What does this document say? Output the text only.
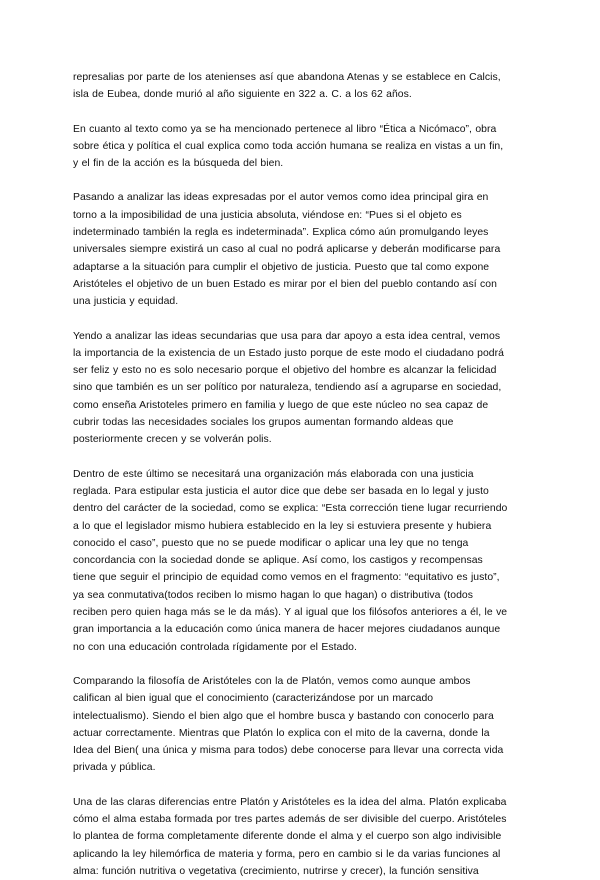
represalias por parte de los atenienses así que abandona Atenas y se establece en Calcis,
isla de Eubea, donde murió al año siguiente en 322 a. C. a los 62 años.

En cuanto al texto como ya se ha mencionado pertenece al libro “Ética a Nicómaco”, obra
sobre ética y política el cual explica como toda acción humana se realiza en vistas a un fin,
y el fin de la acción es la búsqueda del bien.

Pasando a analizar las ideas expresadas por el autor vemos como idea principal gira en
torno a la imposibilidad de una justicia absoluta, viéndose en: “Pues si el objeto es
indeterminado también la regla es indeterminada”. Explica cómo aún promulgando leyes
universales siempre existirá un caso al cual no podrá aplicarse y deberán modificarse para
adaptarse a la situación para cumplir el objetivo de justicia. Puesto que tal como expone
Aristóteles el objetivo de un buen Estado es mirar por el bien del pueblo contando así con
una justicia y equidad.

Yendo a analizar las ideas secundarias que usa para dar apoyo a esta idea central, vemos
la importancia de la existencia de un Estado justo porque de este modo el ciudadano podrá
ser feliz y esto no es solo necesario porque el objetivo del hombre es alcanzar la felicidad
sino que también es un ser político por naturaleza, tendiendo así a agruparse en sociedad,
como enseña Aristoteles primero en familia y luego de que este núcleo no sea capaz de
cubrir todas las necesidades sociales los grupos aumentan formando aldeas que
posteriormente crecen y se volverán polis.

Dentro de este último se necesitará una organización más elaborada con una justicia
reglada. Para estipular esta justicia el autor dice que debe ser basada en lo legal y justo
dentro del carácter de la sociedad, como se explica: “Esta corrección tiene lugar recurriendo
a lo que el legislador mismo hubiera establecido en la ley si estuviera presente y hubiera
conocido el caso”, puesto que no se puede modificar o aplicar una ley que no tenga
concordancia con la sociedad donde se aplique. Así como, los castigos y recompensas
tiene que seguir el principio de equidad como vemos en el fragmento: “equitativo es justo”,
ya sea conmutativa(todos reciben lo mismo hagan lo que hagan) o distributiva (todos
reciben pero quien haga más se le da más). Y al igual que los filósofos anteriores a él, le ve
gran importancia a la educación como única manera de hacer mejores ciudadanos aunque
no con una educación controlada rígidamente por el Estado.

Comparando la filosofía de Aristóteles con la de Platón, vemos como aunque ambos
califican al bien igual que el conocimiento (caracterizándose por un marcado
intelectualismo). Siendo el bien algo que el hombre busca y bastando con conocerlo para
actuar correctamente. Mientras que Platón lo explica con el mito de la caverna, donde la
Idea del Bien( una única y misma para todos) debe conocerse para llevar una correcta vida
privada y pública.

Una de las claras diferencias entre Platón y Aristóteles es la idea del alma. Platón explicaba
cómo el alma estaba formada por tres partes además de ser divisible del cuerpo. Aristóteles
lo plantea de forma completamente diferente donde el alma y el cuerpo son algo indivisible
aplicando la ley hilemórfica de materia y forma, pero en cambio si le da varias funciones al
alma: función nutritiva o vegetativa (crecimiento, nutrirse y crecer), la función sensitiva
